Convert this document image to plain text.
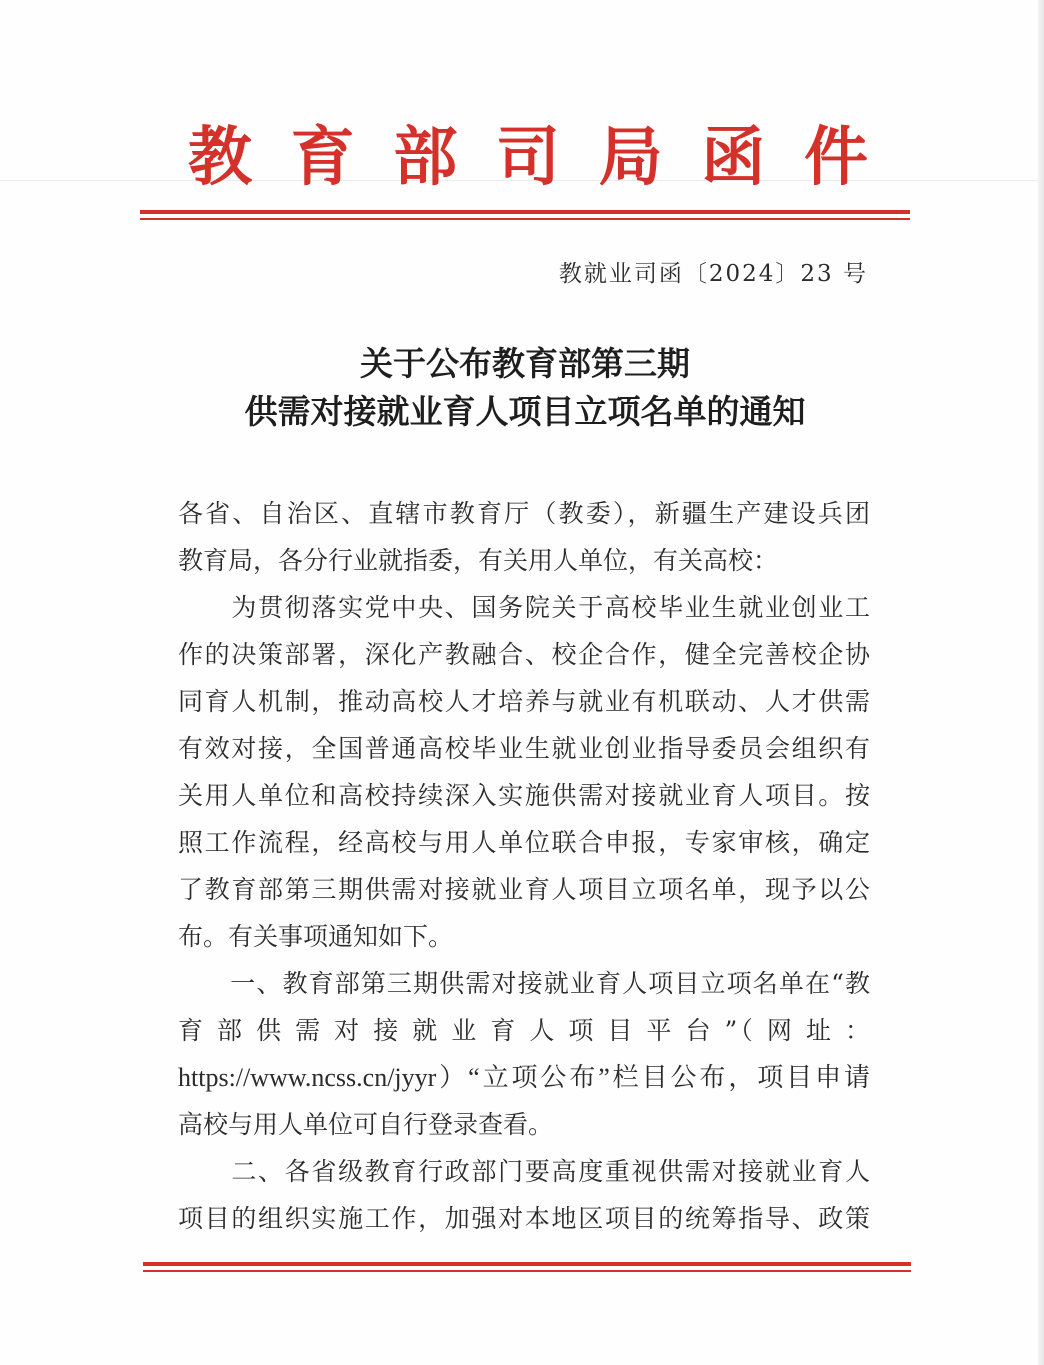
教 育 部 司 局 函 件
教就业司函〔2024〕23 号
关于公布教育部第三期
供需对接就业育人项目立项名单的通知
各省、自治区、直辖市教育厅（教委），新疆生产建设兵团
教育局，各分行业就指委，有关用人单位，有关高校：
　　为贯彻落实党中央、国务院关于高校毕业生就业创业工
作的决策部署，深化产教融合、校企合作，健全完善校企协
同育人机制，推动高校人才培养与就业有机联动、人才供需
有效对接，全国普通高校毕业生就业创业指导委员会组织有
关用人单位和高校持续深入实施供需对接就业育人项目。按
照工作流程，经高校与用人单位联合申报，专家审核，确定
了教育部第三期供需对接就业育人项目立项名单，现予以公
布。有关事项通知如下。
　　一、教育部第三期供需对接就业育人项目立项名单在“教
育 部 供 需 对 接 就 业 育 人 项 目 平 台 ”（ 网 址 ：
https://www.ncss.cn/jyyr）“立项公布”栏目公布，项目申请
高校与用人单位可自行登录查看。
　　二、各省级教育行政部门要高度重视供需对接就业育人
项目的组织实施工作，加强对本地区项目的统筹指导、政策
